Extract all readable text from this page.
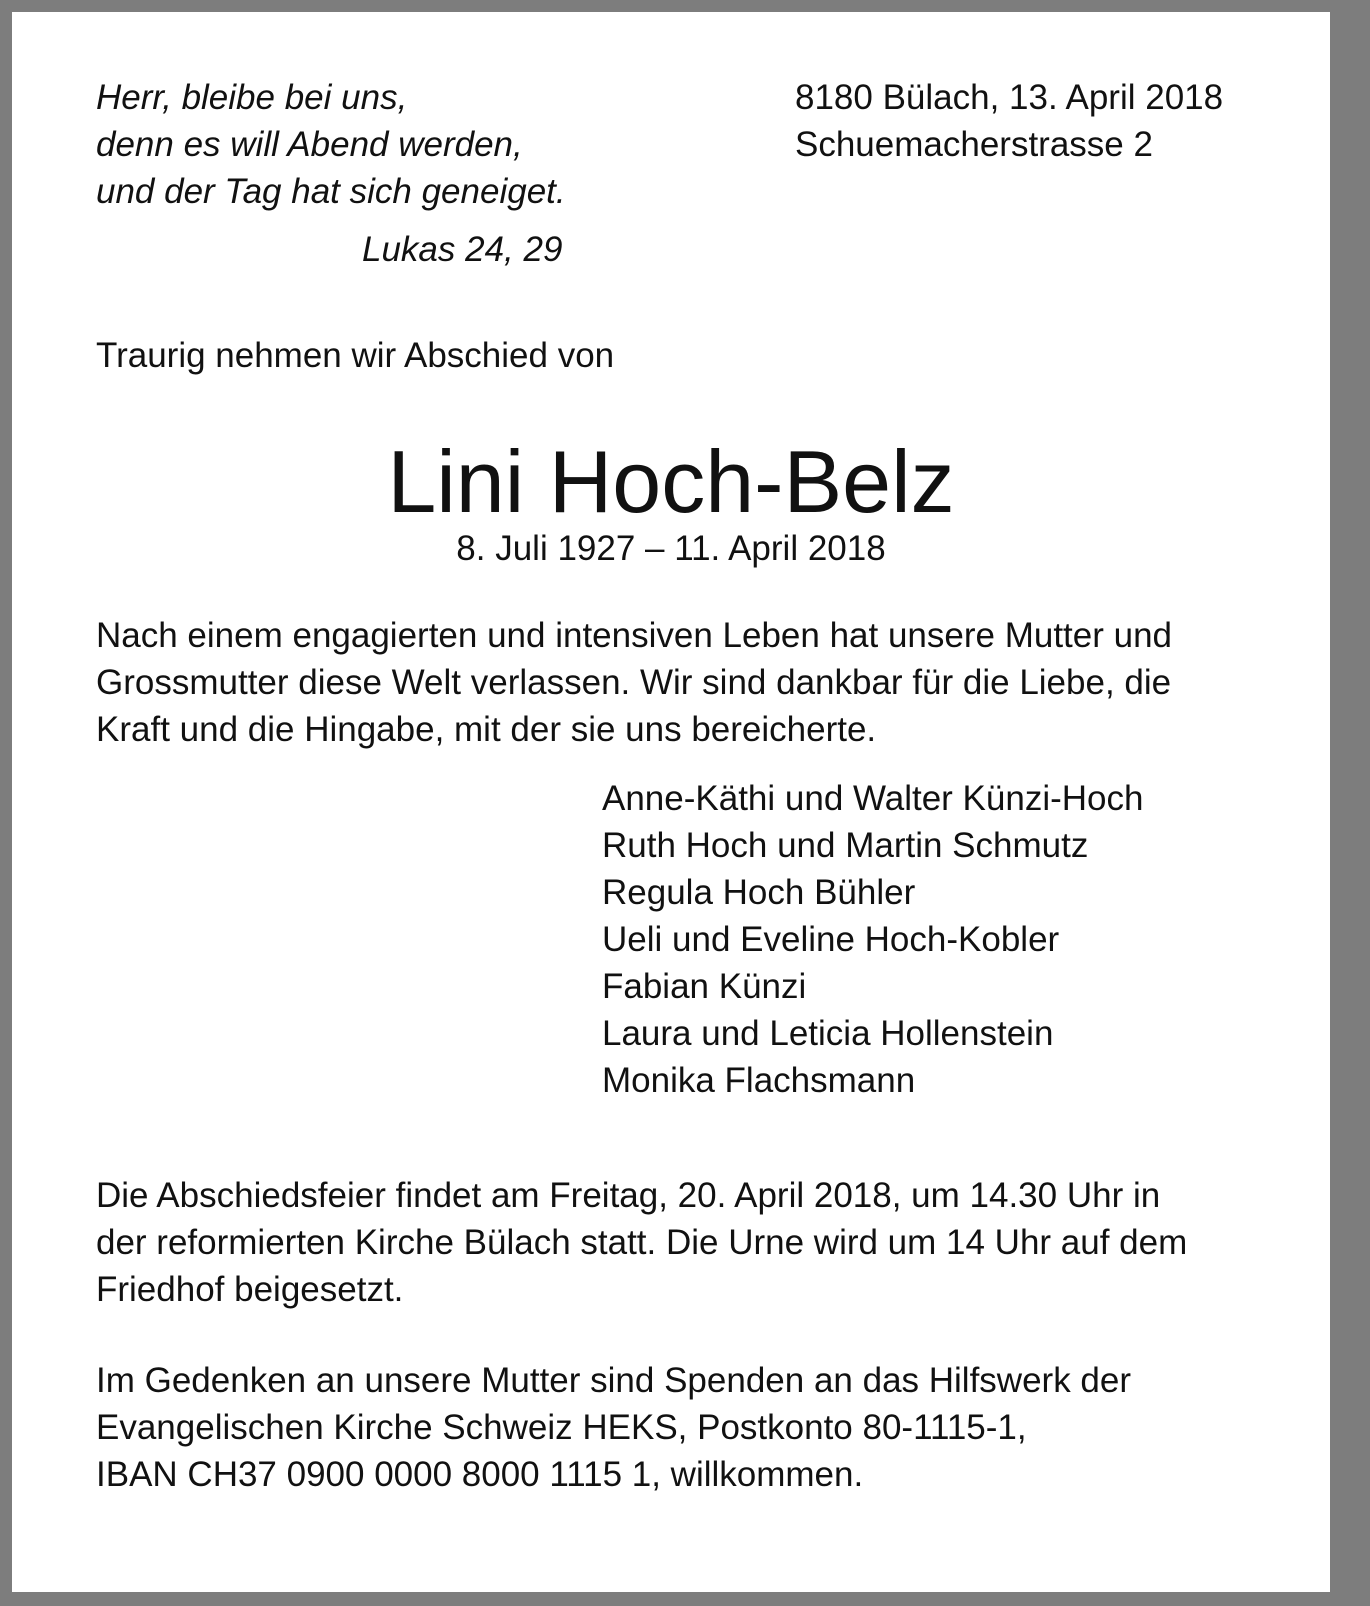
Herr, bleibe bei uns,
denn es will Abend werden,
und der Tag hat sich geneiget.
Lukas 24, 29
8180 Bülach, 13. April 2018
Schuemacherstrasse 2
Traurig nehmen wir Abschied von
Lini Hoch-Belz
8. Juli 1927 – 11. April 2018
Nach einem engagierten und intensiven Leben hat unsere Mutter und
Grossmutter diese Welt verlassen. Wir sind dankbar für die Liebe, die
Kraft und die Hingabe, mit der sie uns bereicherte.
Anne-Käthi und Walter Künzi-Hoch
Ruth Hoch und Martin Schmutz
Regula Hoch Bühler
Ueli und Eveline Hoch-Kobler
Fabian Künzi
Laura und Leticia Hollenstein
Monika Flachsmann
Die Abschiedsfeier findet am Freitag, 20. April 2018, um 14.30 Uhr in
der reformierten Kirche Bülach statt. Die Urne wird um 14 Uhr auf dem
Friedhof beigesetzt.
Im Gedenken an unsere Mutter sind Spenden an das Hilfswerk der
Evangelischen Kirche Schweiz HEKS, Postkonto 80-1115-1,
IBAN CH37 0900 0000 8000 1115 1, willkommen.
